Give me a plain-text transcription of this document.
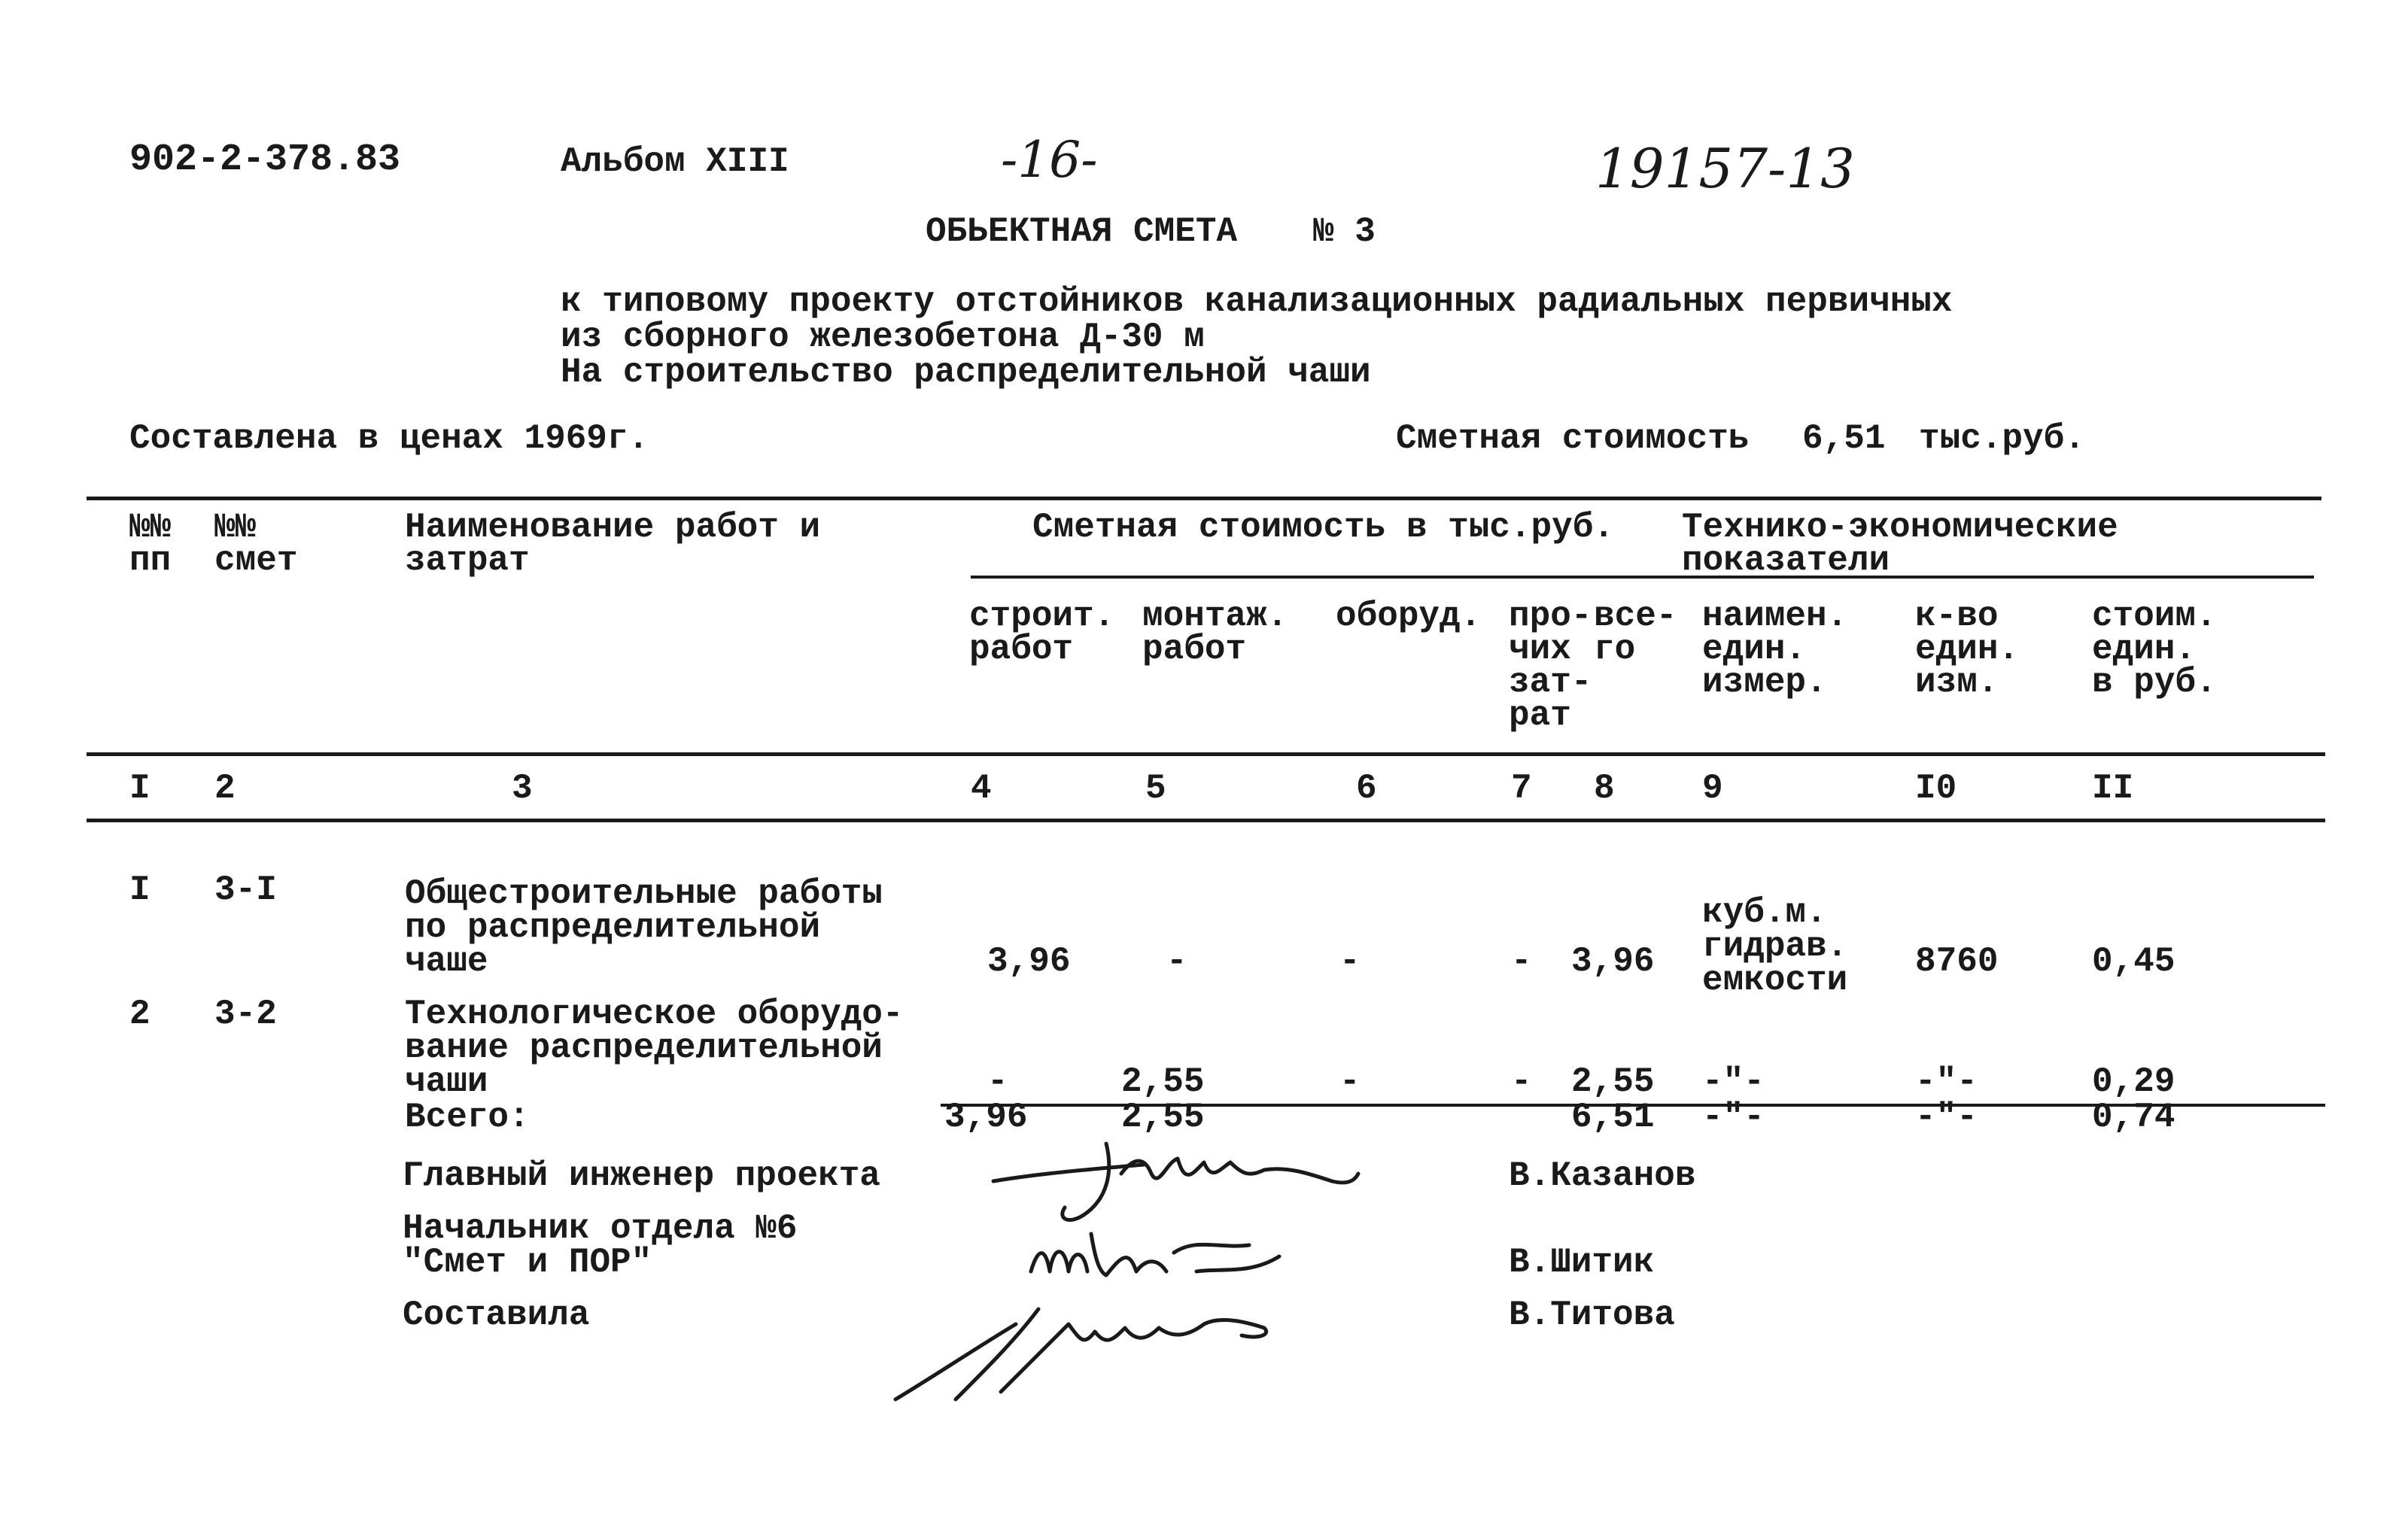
902-2-378.83	Альбом XIII	-16-	19157-13
ОБЬЕКТНАЯ СМЕТА № 3
к типовому проекту отстойников канализационных радиальных первичных
из сборного железобетона Д-30 м
На строительство распределительной чаши
Составлена в ценах 1969г.	Сметная стоимость 6,51 тыс.руб.
№№
пп
№№
смет
Наименование работ и
затрат
Сметная стоимость в тыс.руб. Технико-экономические
показатели
строит.
работ
монтаж.
работ
оборуд. про-
чих
зат-
рат
все-
го
наимен.
един.
измер.
к-во
един.
изм.
стоим.
един.
в руб.
I 2	3	4	5	6	7 8	9	I0	II
I 3-I	Общестроительные работы
по распределительной
чаше	3,96	-	-	- 3,96
куб.м.
гидрав.
емкости 8760	0,45
2 3-2	Технологическое оборудо-
вание распределительной
чаши	-	2,55	-	- 2,55 -"-	-"-	0,29
Всего:	3,96	2,55	6,51 -"-	-"-	0,74
Главный инженер проекта	В.Казанов
Начальник отдела №6
"Смет и ПОР"	В.Шитик
Составила	В.Титова
